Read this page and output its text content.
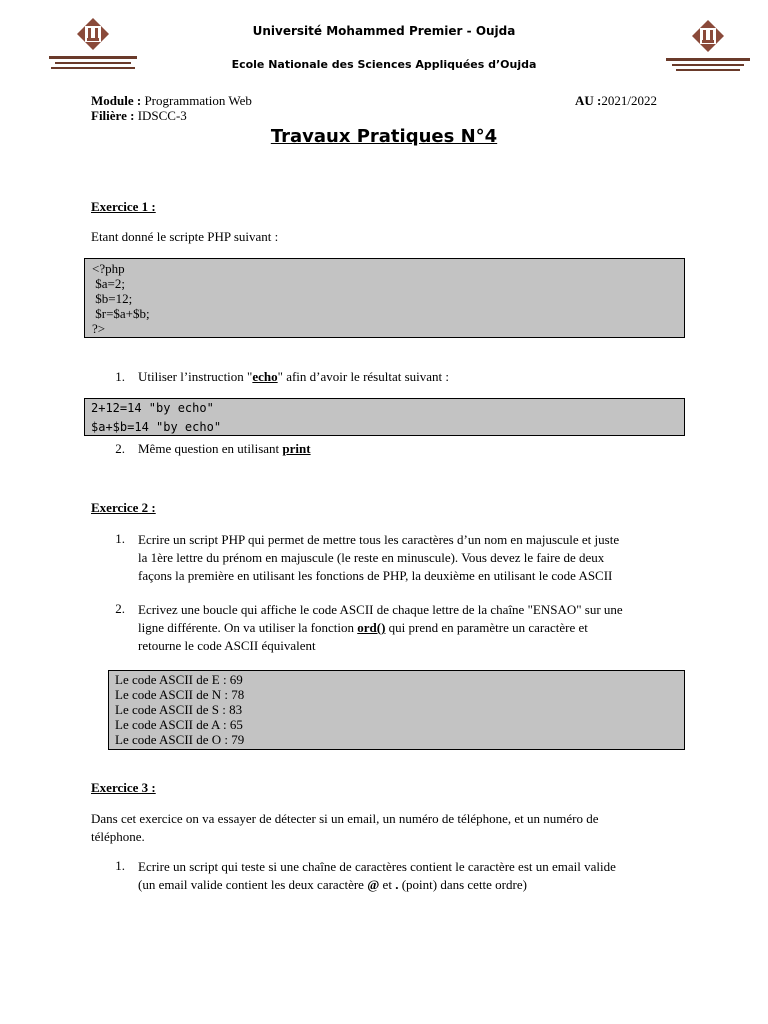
Université Mohammed Premier - Oujda
Ecole Nationale des Sciences Appliquées d’Oujda
Module : Programmation Web	AU :2021/2022
Filière : IDSCC-3
Travaux Pratiques N°4
Exercice 1 :
Etant donné le scripte PHP suivant :
<?php
$a=2;
$b=12;
$r=$a+$b;
?>
1. Utiliser l’instruction "echo" afin d’avoir le résultat suivant :
2+12=14 "by echo"
$a+$b=14 "by echo"
2. Même question en utilisant print
Exercice 2 :
1. Ecrire un script PHP qui permet de mettre tous les caractères d’un nom en majuscule et juste
la 1ère lettre du prénom en majuscule (le reste en minuscule). Vous devez le faire de deux
façons la première en utilisant les fonctions de PHP, la deuxième en utilisant le code ASCII
2. Ecrivez une boucle qui affiche le code ASCII de chaque lettre de la chaîne "ENSAO" sur une
ligne différente. On va utiliser la fonction ord() qui prend en paramètre un caractère et
retourne le code ASCII équivalent
Le code ASCII de E : 69
Le code ASCII de N : 78
Le code ASCII de S : 83
Le code ASCII de A : 65
Le code ASCII de O : 79
Exercice 3 :
Dans cet exercice on va essayer de détecter si un email, un numéro de téléphone, et un numéro de
téléphone.
1. Ecrire un script qui teste si une chaîne de caractères contient le caractère est un email valide
(un email valide contient les deux caractère @ et . (point) dans cette ordre)
